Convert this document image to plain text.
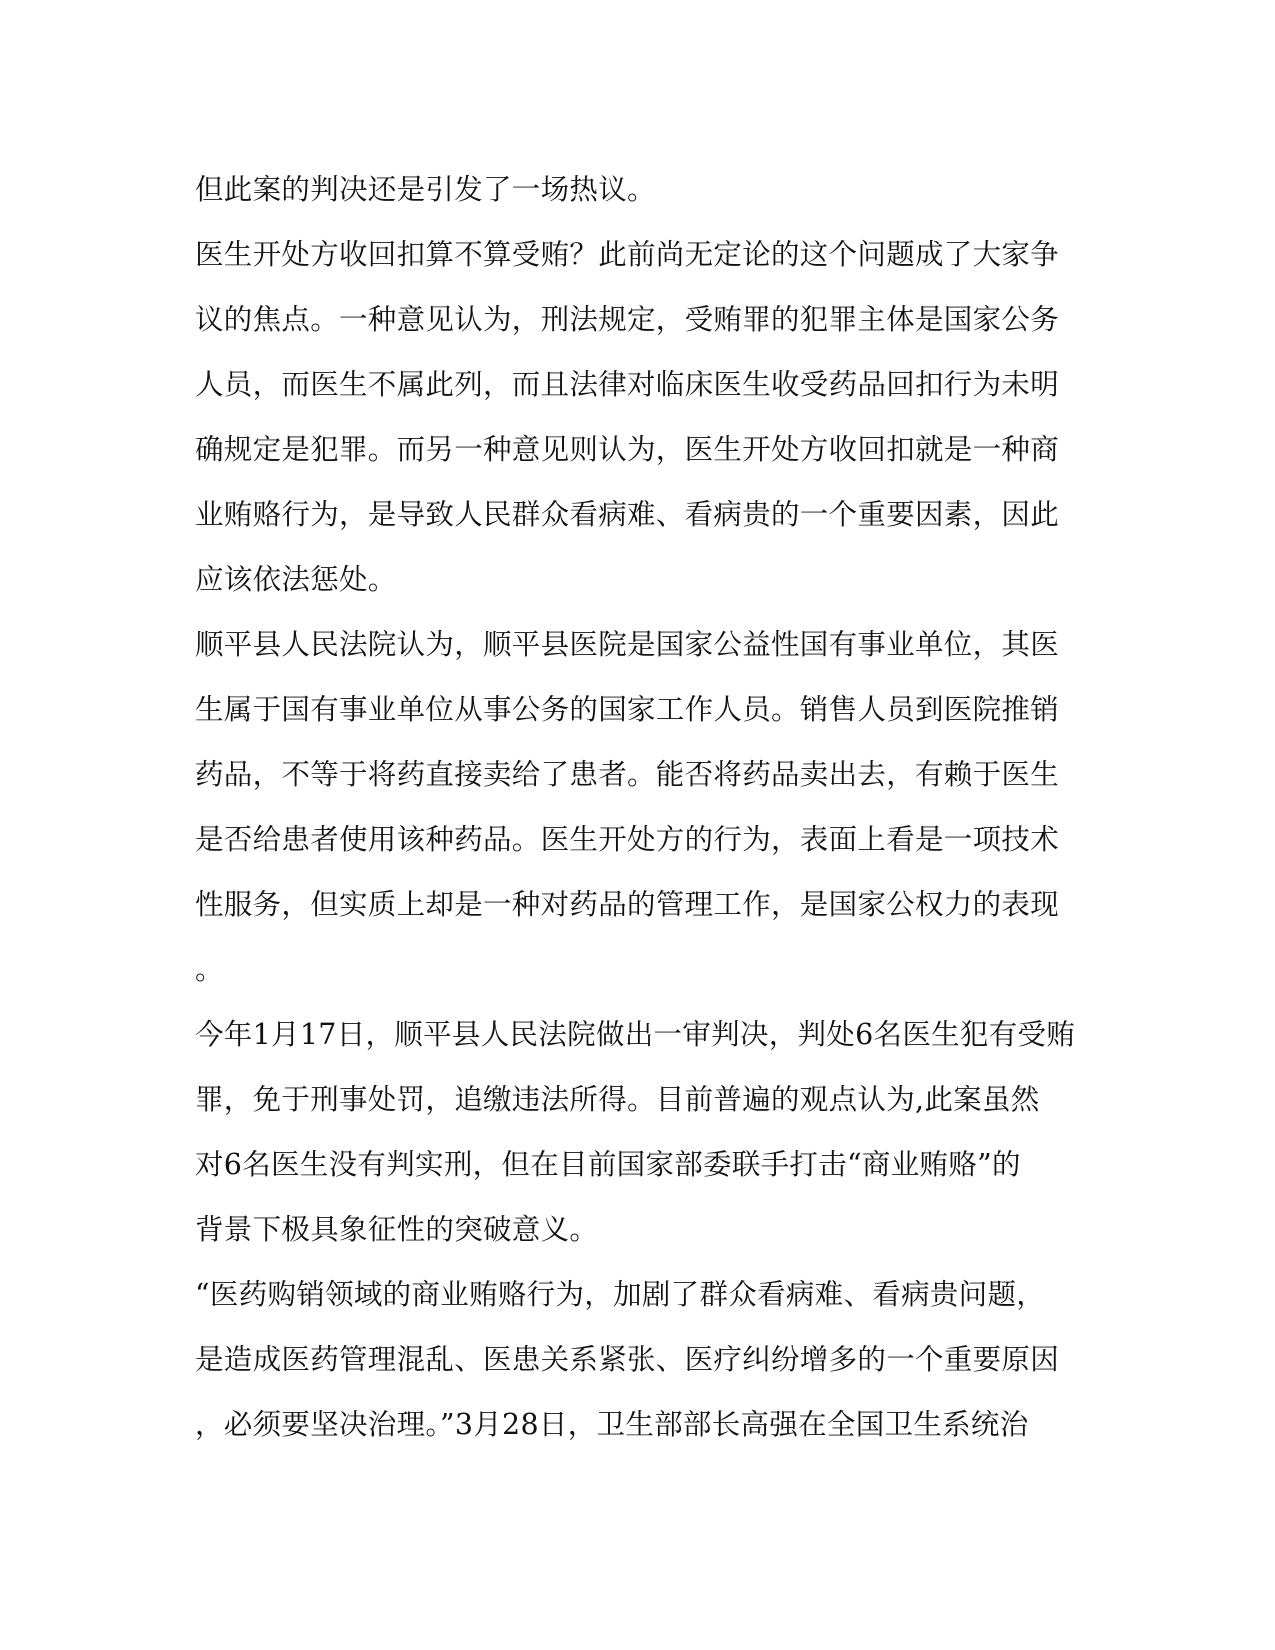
但此案的判决还是引发了一场热议。
医生开处方收回扣算不算受贿？此前尚无定论的这个问题成了大家争
议的焦点。一种意见认为，刑法规定，受贿罪的犯罪主体是国家公务
人员，而医生不属此列，而且法律对临床医生收受药品回扣行为未明
确规定是犯罪。而另一种意见则认为，医生开处方收回扣就是一种商
业贿赂行为，是导致人民群众看病难、看病贵的一个重要因素，因此
应该依法惩处。
顺平县人民法院认为，顺平县医院是国家公益性国有事业单位，其医
生属于国有事业单位从事公务的国家工作人员。销售人员到医院推销
药品，不等于将药直接卖给了患者。能否将药品卖出去，有赖于医生
是否给患者使用该种药品。医生开处方的行为，表面上看是一项技术
性服务，但实质上却是一种对药品的管理工作，是国家公权力的表现
。
今年1月17日，顺平县人民法院做出一审判决，判处6名医生犯有受贿
罪，免于刑事处罚，追缴违法所得。目前普遍的观点认为,此案虽然
对6名医生没有判实刑，但在目前国家部委联手打击“商业贿赂”的
背景下极具象征性的突破意义。
“医药购销领域的商业贿赂行为，加剧了群众看病难、看病贵问题，
是造成医药管理混乱、医患关系紧张、医疗纠纷增多的一个重要原因
，必须要坚决治理。”3月28日，卫生部部长高强在全国卫生系统治
